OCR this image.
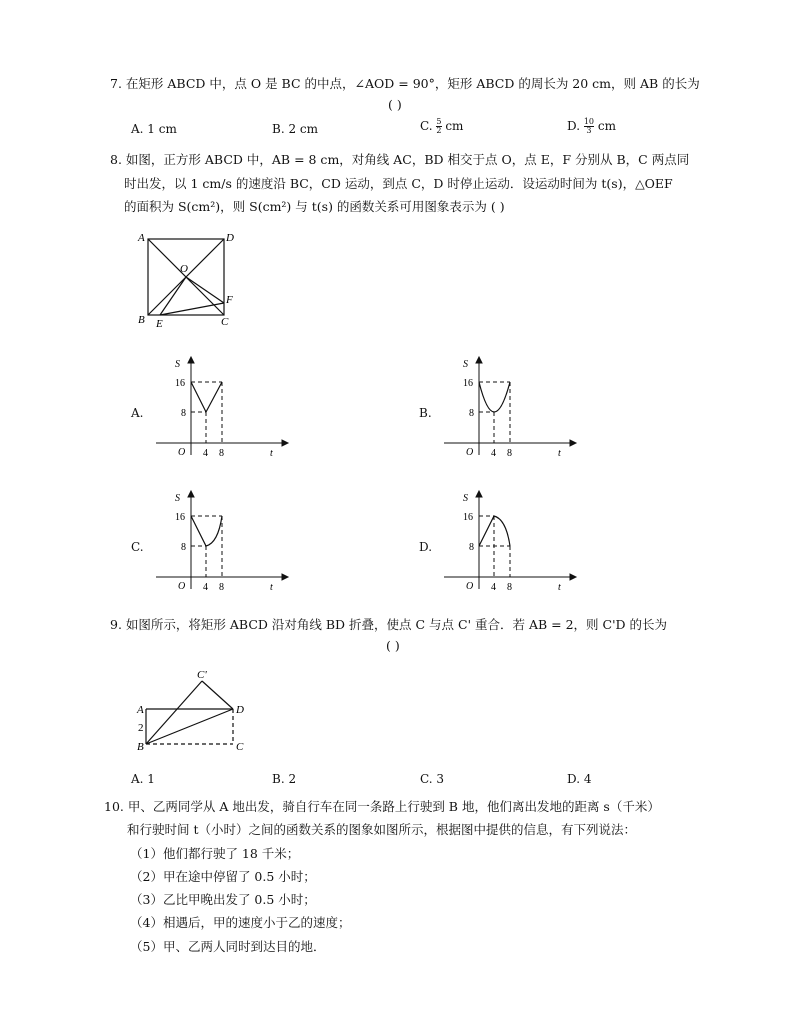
7. 在矩形 ABCD 中，点 O 是 BC 的中点，∠AOD = 90°，矩形 ABCD 的周长为 20 cm，则 AB 的长为
( )
A. 1 cm	B. 2 cm	C. $\frac{5}{2}$ cm	D. $\frac{10}{3}$ cm
8. 如图，正方形 ABCD 中，AB = 8 cm，对角线 AC，BD 相交于点 O，点 E，F 分别从 B，C 两点同
时出发，以 1 cm/s 的速度沿 BC，CD 运动，到点 C，D 时停止运动．设运动时间为 t(s)，△OEF
的面积为 S(cm²)，则 S(cm²) 与 t(s) 的函数关系可用图象表示为 ( )
A	D
B	C
O
E
F
A.
S
t
O
16
8
4 8
B.
S
t
O
16
8
4 8
C.
S
t
O
16
8
4 8
D.
S
t
O
16
8
4 8
9. 如图所示，将矩形 ABCD 沿对角线 BD 折叠，使点 C 与点 C' 重合．若 AB = 2，则 C'D 的长为
( )
C'
A	D
B	C
2
A. 1	B. 2	C. 3	D. 4
10. 甲、乙两同学从 A 地出发，骑自行车在同一条路上行驶到 B 地，他们离出发地的距离 s（千米）
和行驶时间 t（小时）之间的函数关系的图象如图所示，根据图中提供的信息，有下列说法：
（1）他们都行驶了 18 千米；
（2）甲在途中停留了 0.5 小时；
（3）乙比甲晚出发了 0.5 小时；
（4）相遇后，甲的速度小于乙的速度；
（5）甲、乙两人同时到达目的地．
